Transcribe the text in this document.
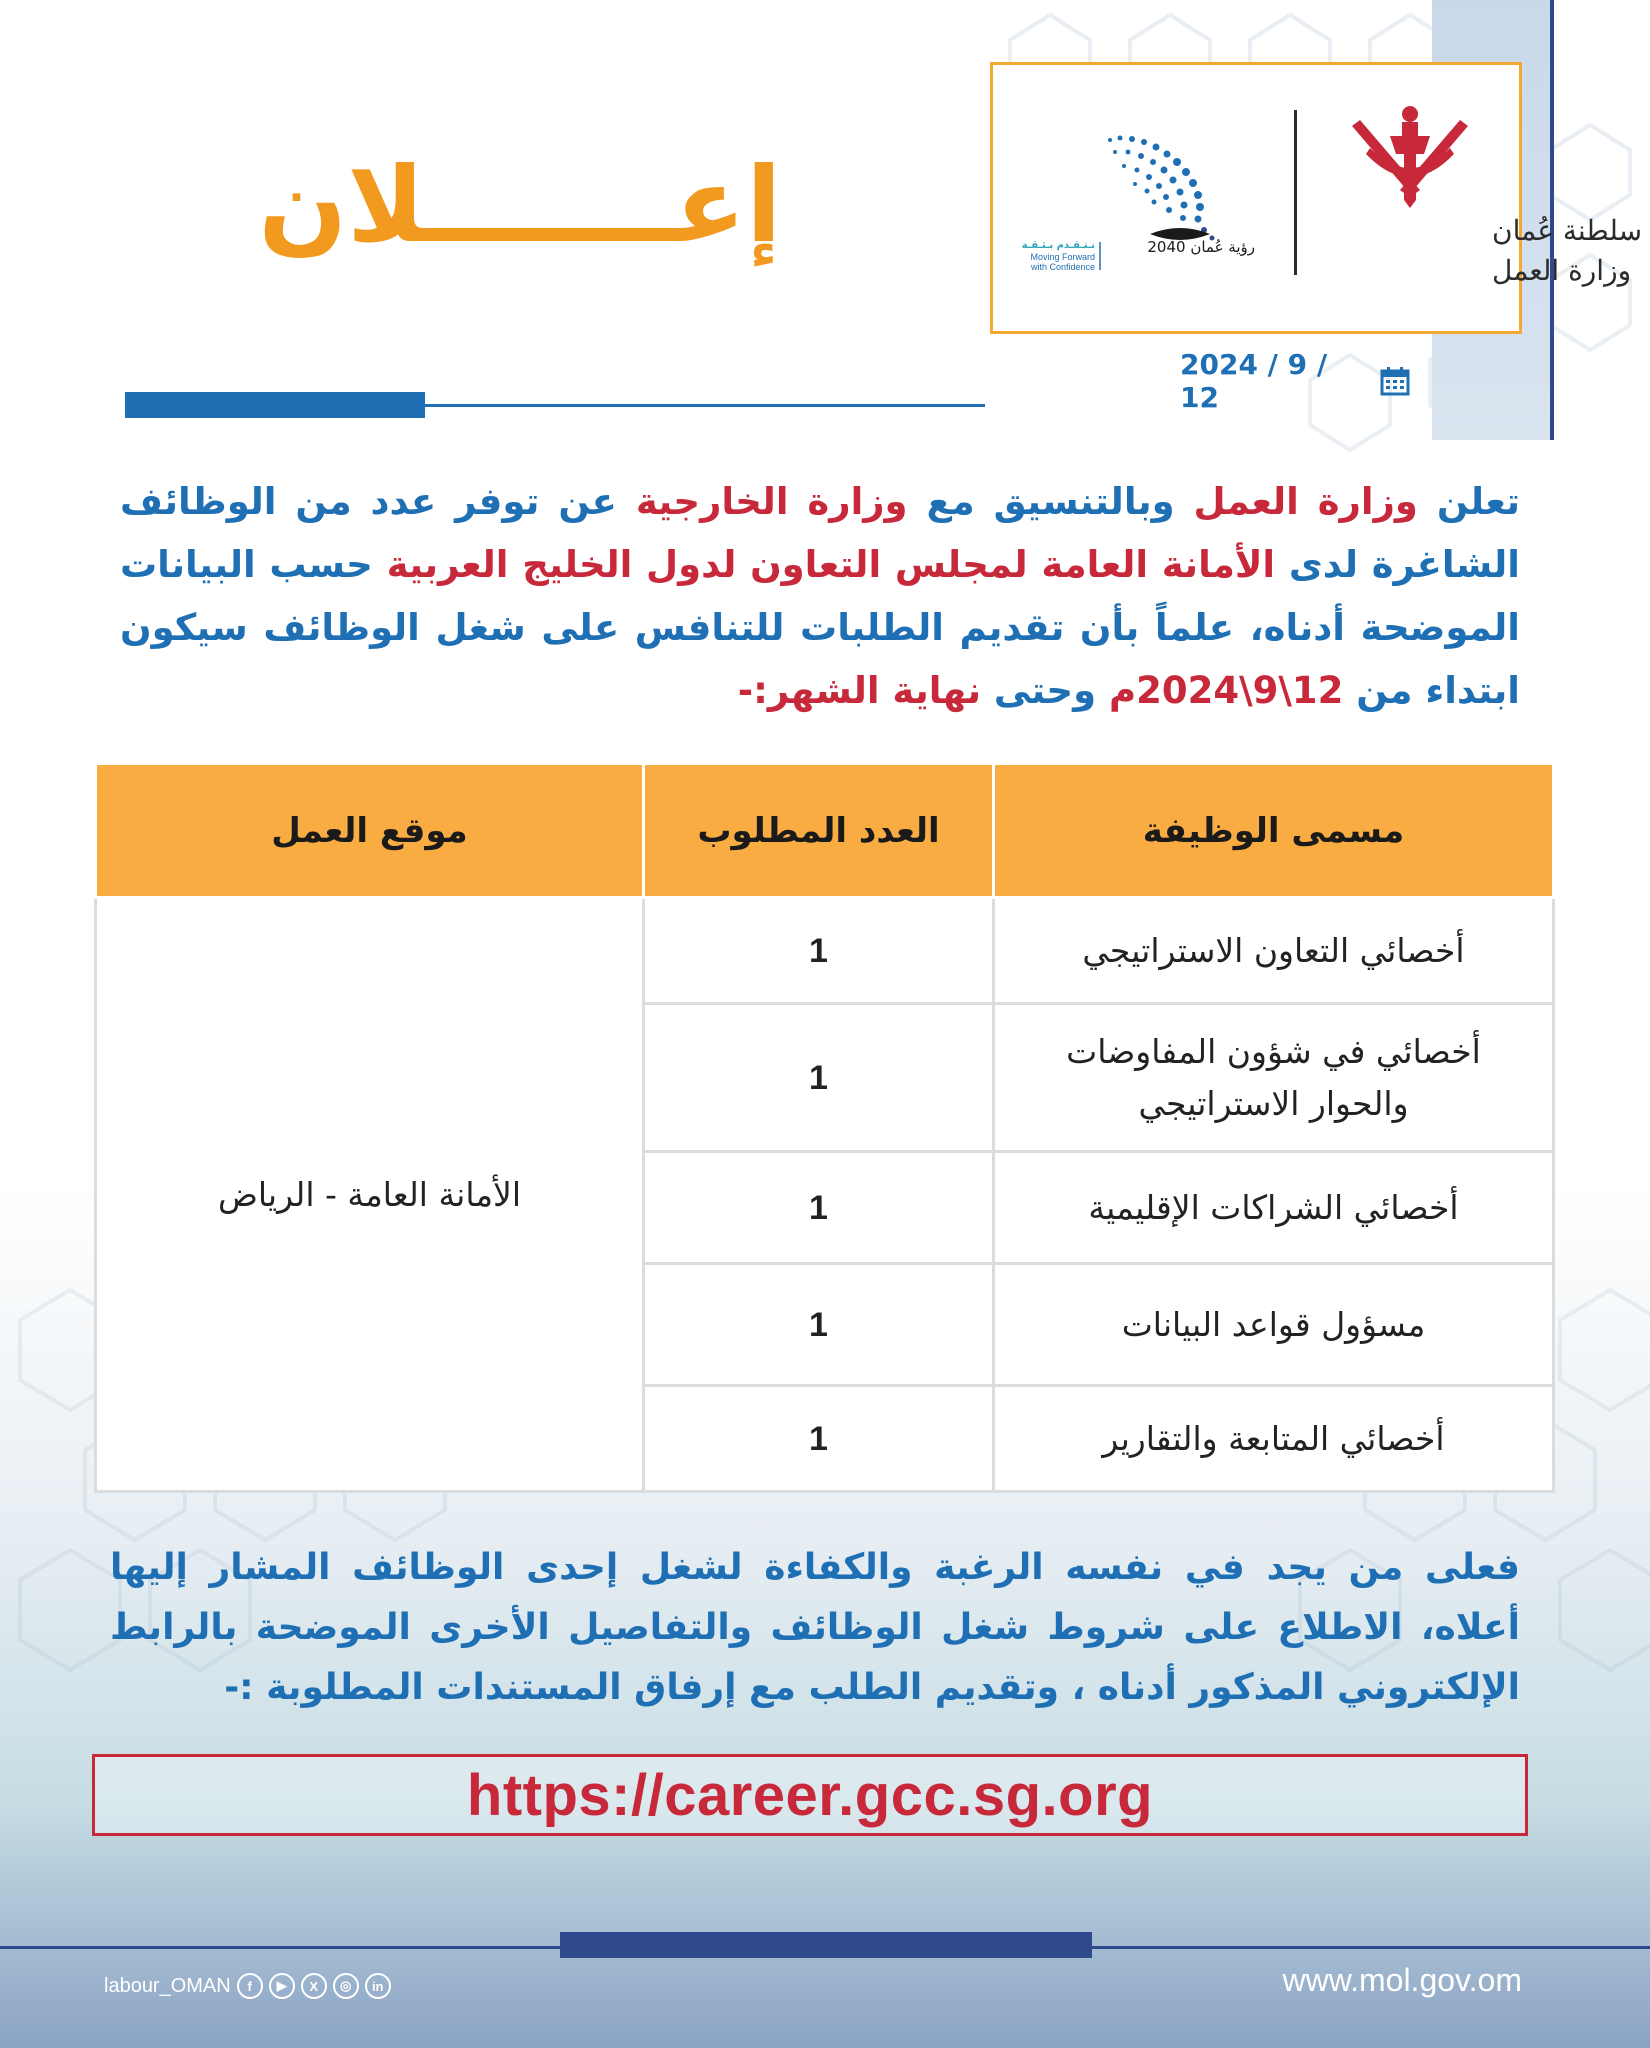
سلطنة عُمان
وزارة العمل
رؤية عُمان 2040
نـتـقـدم بـثـقـة
Moving Forward
with Confidence
إعـــــــلان
2024 / 9 / 12

تعلن وزارة العمل وبالتنسيق مع وزارة الخارجية عن توفر عدد من الوظائف الشاغرة لدى الأمانة العامة لمجلس التعاون لدول الخليج العربية حسب البيانات الموضحة أدناه، علماً بأن تقديم الطلبات للتنافس على شغل الوظائف سيكون ابتداء من 12\9\2024م وحتى نهاية الشهر:-

مسمى الوظيفة	العدد المطلوب	موقع العمل
أخصائي التعاون الاستراتيجي	1	الأمانة العامة - الرياض
أخصائي في شؤون المفاوضات والحوار الاستراتيجي	1	
أخصائي الشراكات الإقليمية	1	
مسؤول قواعد البيانات	1	
أخصائي المتابعة والتقارير	1	

فعلى من يجد في نفسه الرغبة والكفاءة لشغل إحدى الوظائف المشار إليها أعلاه، الاطلاع على شروط شغل الوظائف والتفاصيل الأخرى الموضحة بالرابط الإلكتروني المذكور أدناه ، وتقديم الطلب مع إرفاق المستندات المطلوبة :-

https://career.gcc.sg.org
labour_OMAN	f	▶	X	◎	in	www.mol.gov.om
